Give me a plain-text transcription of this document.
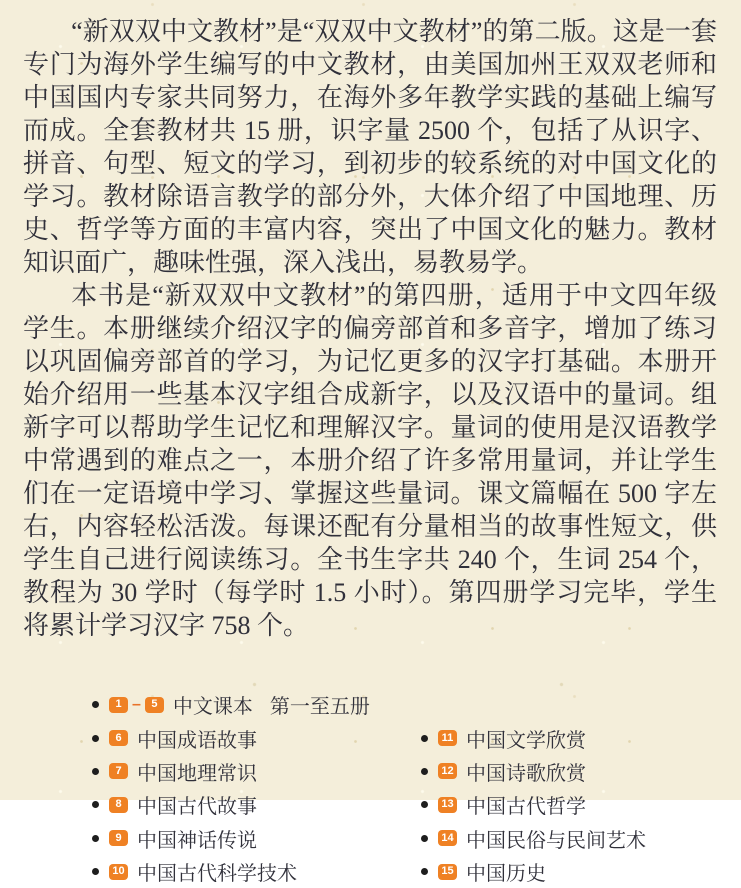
“新双双中文教材”是“双双中文教材”的第二版。这是一套专门为海外学生编写的中文教材，由美国加州王双双老师和中国国内专家共同努力，在海外多年教学实践的基础上编写而成。全套教材共 15 册，识字量 2500 个，包括了从识字、拼音、句型、短文的学习，到初步的较系统的对中国文化的学习。教材除语言教学的部分外，大体介绍了中国地理、历史、哲学等方面的丰富内容，突出了中国文化的魅力。教材知识面广，趣味性强，深入浅出，易教易学。

本书是“新双双中文教材”的第四册，适用于中文四年级学生。本册继续介绍汉字的偏旁部首和多音字，增加了练习以巩固偏旁部首的学习，为记忆更多的汉字打基础。本册开始介绍用一些基本汉字组合成新字，以及汉语中的量词。组新字可以帮助学生记忆和理解汉字。量词的使用是汉语教学中常遇到的难点之一，本册介绍了许多常用量词，并让学生们在一定语境中学习、掌握这些量词。课文篇幅在 500 字左右，内容轻松活泼。每课还配有分量相当的故事性短文，供学生自己进行阅读练习。全书生字共 240 个，生词 254 个，教程为 30 学时（每学时 1.5 小时）。第四册学习完毕，学生将累计学习汉字 758 个。

1 – 5 中文课本 第一至五册
6 中国成语故事
7 中国地理常识
8 中国古代故事
9 中国神话传说
10 中国古代科学技术
11 中国文学欣赏
12 中国诗歌欣赏
13 中国古代哲学
14 中国民俗与民间艺术
15 中国历史
